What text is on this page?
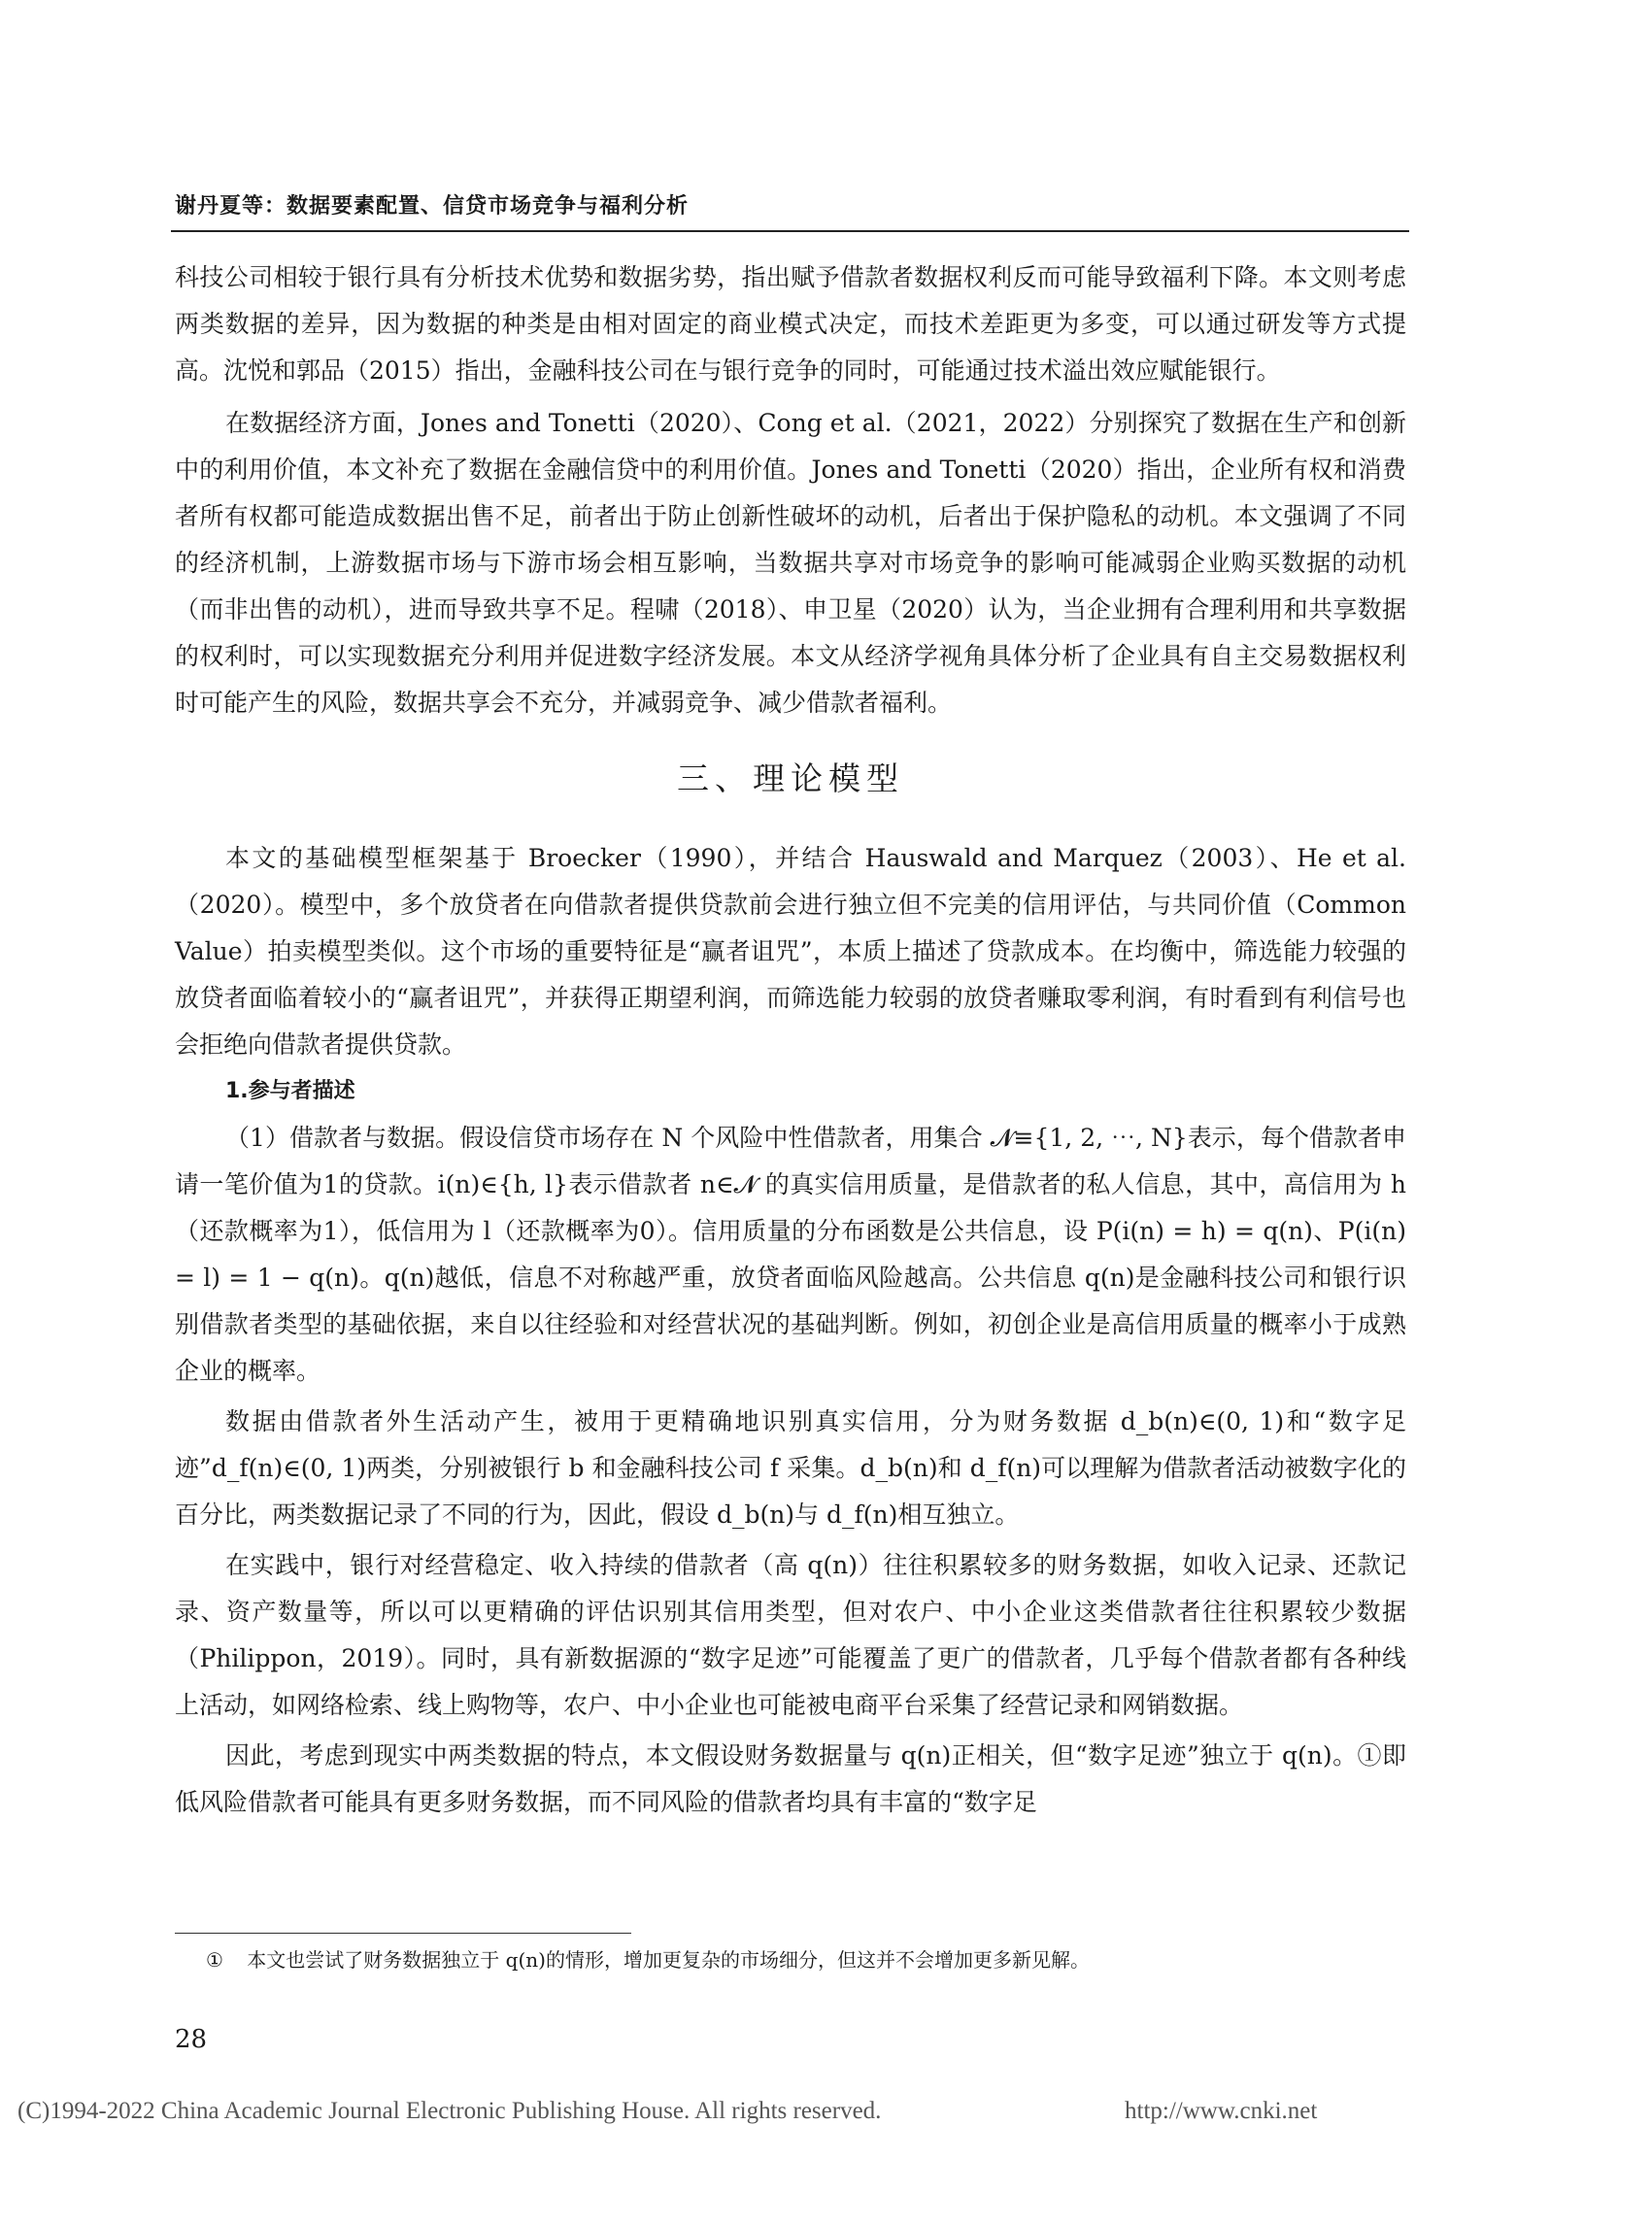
谢丹夏等：数据要素配置、信贷市场竞争与福利分析

科技公司相较于银行具有分析技术优势和数据劣势，指出赋予借款者数据权利反而可能导致福利下降。本文则考虑两类数据的差异，因为数据的种类是由相对固定的商业模式决定，而技术差距更为多变，可以通过研发等方式提高。沈悦和郭品（2015）指出，金融科技公司在与银行竞争的同时，可能通过技术溢出效应赋能银行。

在数据经济方面，Jones and Tonetti（2020）、Cong et al.（2021，2022）分别探究了数据在生产和创新中的利用价值，本文补充了数据在金融信贷中的利用价值。Jones and Tonetti（2020）指出，企业所有权和消费者所有权都可能造成数据出售不足，前者出于防止创新性破坏的动机，后者出于保护隐私的动机。本文强调了不同的经济机制，上游数据市场与下游市场会相互影响，当数据共享对市场竞争的影响可能减弱企业购买数据的动机（而非出售的动机），进而导致共享不足。程啸（2018）、申卫星（2020）认为，当企业拥有合理利用和共享数据的权利时，可以实现数据充分利用并促进数字经济发展。本文从经济学视角具体分析了企业具有自主交易数据权利时可能产生的风险，数据共享会不充分，并减弱竞争、减少借款者福利。

三、理论模型

本文的基础模型框架基于 Broecker（1990），并结合 Hauswald and Marquez（2003）、He et al.（2020）。模型中，多个放贷者在向借款者提供贷款前会进行独立但不完美的信用评估，与共同价值（Common Value）拍卖模型类似。这个市场的重要特征是“赢者诅咒”，本质上描述了贷款成本。在均衡中，筛选能力较强的放贷者面临着较小的“赢者诅咒”，并获得正期望利润，而筛选能力较弱的放贷者赚取零利润，有时看到有利信号也会拒绝向借款者提供贷款。

1.参与者描述

（1）借款者与数据。假设信贷市场存在 N 个风险中性借款者，用集合 𝓝≡{1, 2, ⋯, N}表示，每个借款者申请一笔价值为1的贷款。i(n)∈{h, l}表示借款者 n∈𝓝 的真实信用质量，是借款者的私人信息，其中，高信用为 h（还款概率为1），低信用为 l（还款概率为0）。信用质量的分布函数是公共信息，设 P(i(n) = h) = q(n)、P(i(n) = l) = 1 − q(n)。q(n)越低，信息不对称越严重，放贷者面临风险越高。公共信息 q(n)是金融科技公司和银行识别借款者类型的基础依据，来自以往经验和对经营状况的基础判断。例如，初创企业是高信用质量的概率小于成熟企业的概率。

数据由借款者外生活动产生，被用于更精确地识别真实信用，分为财务数据 d_b(n)∈(0, 1)和“数字足迹”d_f(n)∈(0, 1)两类，分别被银行 b 和金融科技公司 f 采集。d_b(n)和 d_f(n)可以理解为借款者活动被数字化的百分比，两类数据记录了不同的行为，因此，假设 d_b(n)与 d_f(n)相互独立。

在实践中，银行对经营稳定、收入持续的借款者（高 q(n)）往往积累较多的财务数据，如收入记录、还款记录、资产数量等，所以可以更精确的评估识别其信用类型，但对农户、中小企业这类借款者往往积累较少数据（Philippon，2019）。同时，具有新数据源的“数字足迹”可能覆盖了更广的借款者，几乎每个借款者都有各种线上活动，如网络检索、线上购物等，农户、中小企业也可能被电商平台采集了经营记录和网销数据。

因此，考虑到现实中两类数据的特点，本文假设财务数据量与 q(n)正相关，但“数字足迹”独立于 q(n)。①即低风险借款者可能具有更多财务数据，而不同风险的借款者均具有丰富的“数字足

① 本文也尝试了财务数据独立于 q(n)的情形，增加更复杂的市场细分，但这并不会增加更多新见解。
28
(C)1994-2022 China Academic Journal Electronic Publishing House. All rights reserved.	http://www.cnki.net
